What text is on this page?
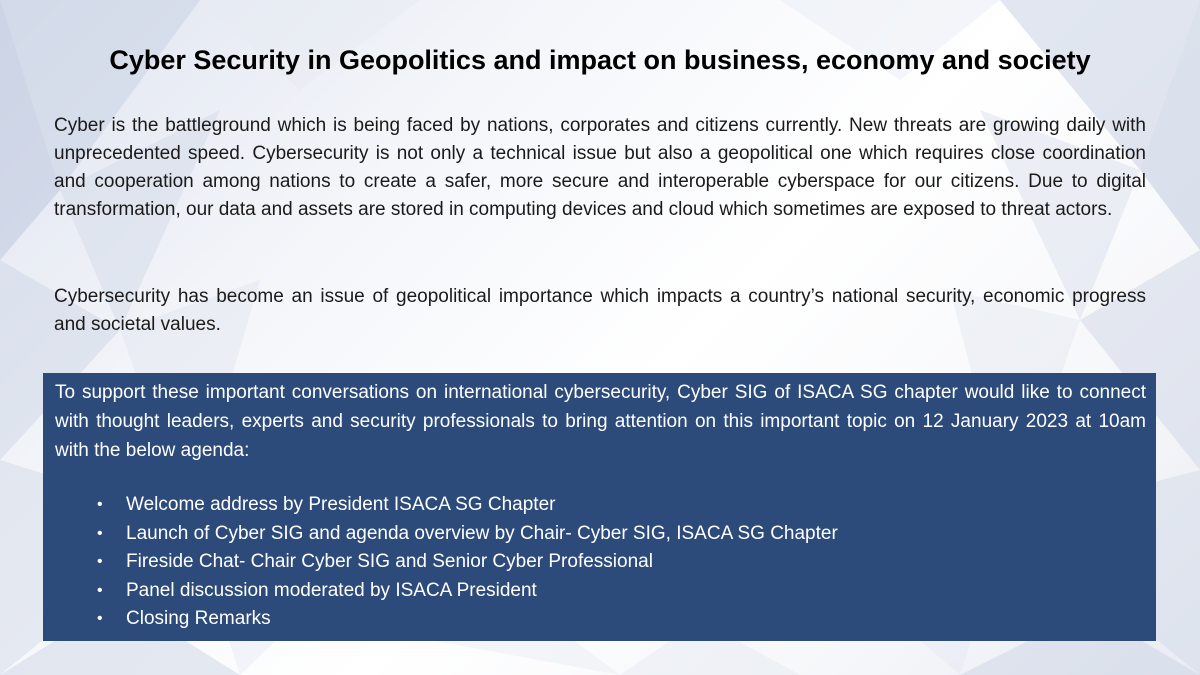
Cyber Security in Geopolitics and impact on business, economy and society

Cyber is the battleground which is being faced by nations, corporates and citizens currently. New threats are growing daily with unprecedented speed. Cybersecurity is not only a technical issue but also a geopolitical one which requires close coordination and cooperation among nations to create a safer, more secure and interoperable cyberspace for our citizens. Due to digital transformation, our data and assets are stored in computing devices and cloud which sometimes are exposed to threat actors.

Cybersecurity has become an issue of geopolitical importance which impacts a country’s national security, economic progress and societal values.

To support these important conversations on international cybersecurity, Cyber SIG of ISACA SG chapter would like to connect with thought leaders, experts and security professionals to bring attention on this important topic on 12 January 2023 at 10am with the below agenda:

• Welcome address by President ISACA SG Chapter
• Launch of Cyber SIG and agenda overview by Chair- Cyber SIG, ISACA SG Chapter
• Fireside Chat- Chair Cyber SIG and Senior Cyber Professional
• Panel discussion moderated by ISACA President
• Closing Remarks
